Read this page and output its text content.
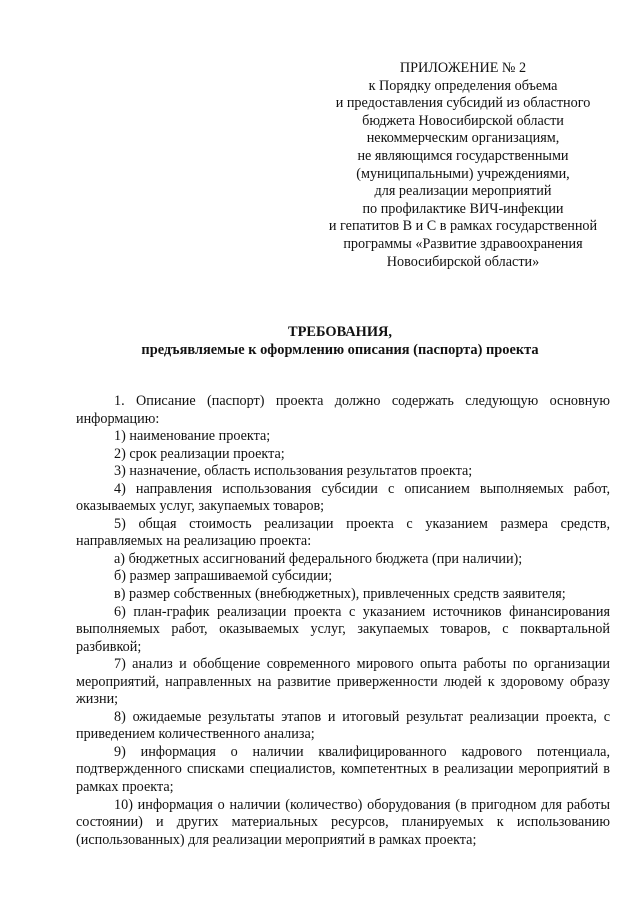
ПРИЛОЖЕНИЕ № 2
к Порядку определения объема
и предоставления субсидий из областного
бюджета Новосибирской области
некоммерческим организациям,
не являющимся государственными
(муниципальными) учреждениями,
для реализации мероприятий
по профилактике ВИЧ-инфекции
и гепатитов В и С в рамках государственной
программы «Развитие здравоохранения
Новосибирской области»
ТРЕБОВАНИЯ,
предъявляемые к оформлению описания (паспорта) проекта

1. Описание (паспорт) проекта должно содержать следующую основную информацию:

1) наименование проекта;

2) срок реализации проекта;

3) назначение, область использования результатов проекта;

4) направления использования субсидии с описанием выполняемых работ, оказываемых услуг, закупаемых товаров;

5) общая стоимость реализации проекта с указанием размера средств, направляемых на реализацию проекта:

а) бюджетных ассигнований федерального бюджета (при наличии);

б) размер запрашиваемой субсидии;

в) размер собственных (внебюджетных), привлеченных средств заявителя;

6) план-график реализации проекта с указанием источников финансирования выполняемых работ, оказываемых услуг, закупаемых товаров, с поквартальной разбивкой;

7) анализ и обобщение современного мирового опыта работы по организации мероприятий, направленных на развитие приверженности людей к здоровому образу жизни;

8) ожидаемые результаты этапов и итоговый результат реализации проекта, с приведением количественного анализа;

9) информация о наличии квалифицированного кадрового потенциала, подтвержденного списками специалистов, компетентных в реализации мероприятий в рамках проекта;

10) информация о наличии (количество) оборудования (в пригодном для работы состоянии) и других материальных ресурсов, планируемых к использованию (использованных) для реализации мероприятий в рамках проекта;
